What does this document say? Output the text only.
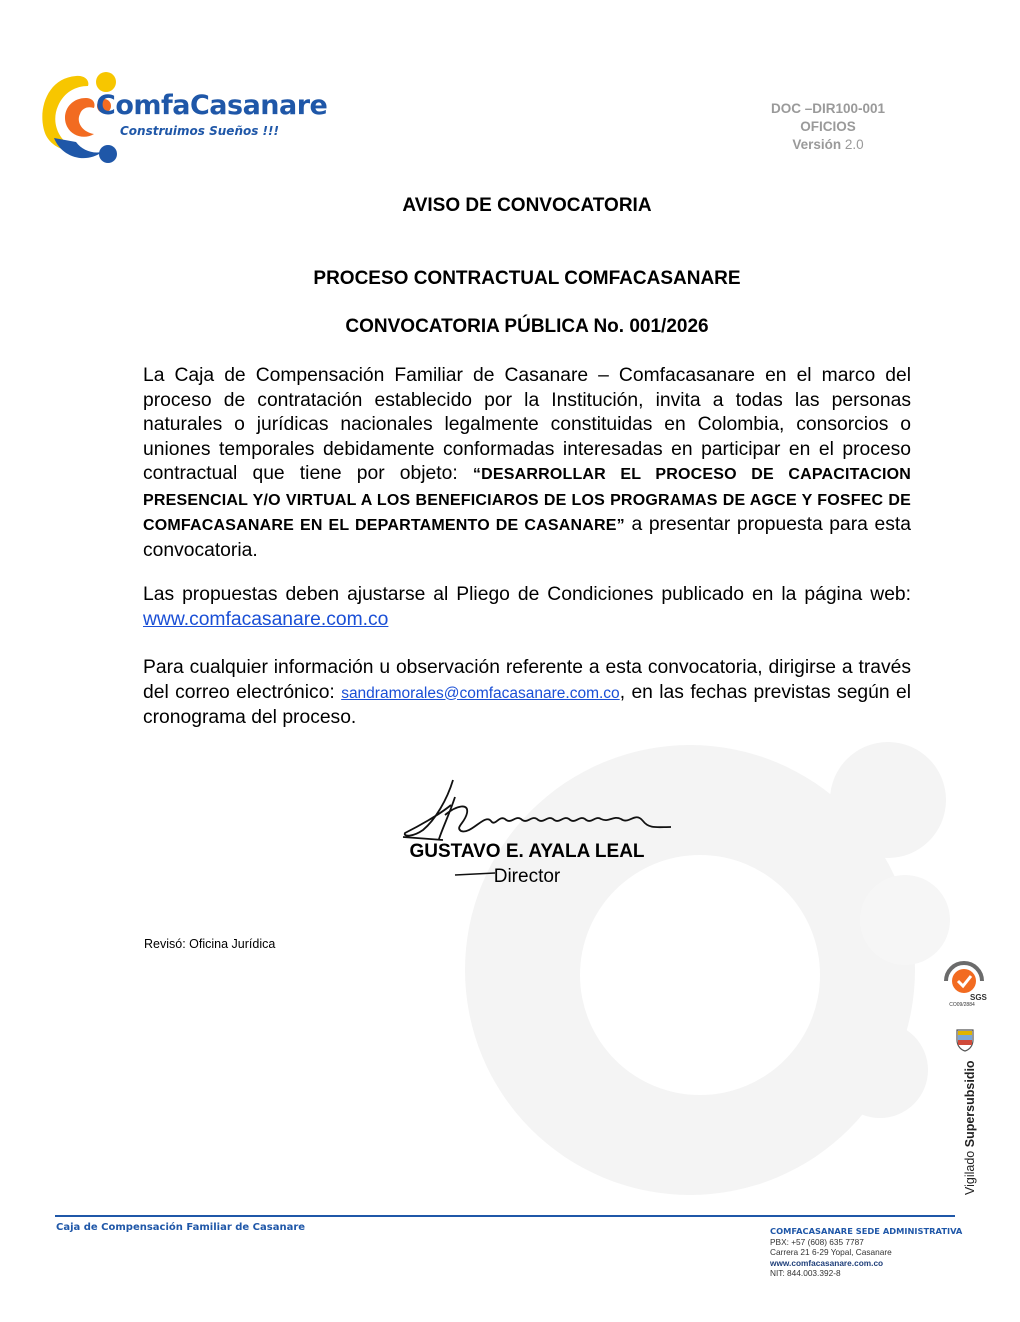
ComfaCasanare
Construimos Sueños !!!
DOC –DIR100-001
OFICIOS
Versión 2.0
AVISO DE CONVOCATORIA
PROCESO CONTRACTUAL COMFACASANARE
CONVOCATORIA PÚBLICA No. 001/2026
La Caja de Compensación Familiar de Casanare – Comfacasanare en el marco del proceso de contratación establecido por la Institución, invita a todas las personas naturales o jurídicas nacionales legalmente constituidas en Colombia, consorcios o uniones temporales debidamente conformadas interesadas en participar en el proceso contractual que tiene por objeto: “DESARROLLAR EL PROCESO DE CAPACITACION PRESENCIAL Y/O VIRTUAL A LOS BENEFICIAROS DE LOS PROGRAMAS DE AGCE Y FOSFEC DE COMFACASANARE EN EL DEPARTAMENTO DE CASANARE” a presentar propuesta para esta convocatoria.
Las propuestas deben ajustarse al Pliego de Condiciones publicado en la página web: www.comfacasanare.com.co
Para cualquier información u observación referente a esta convocatoria, dirigirse a través del correo electrónico: sandramorales@comfacasanare.com.co, en las fechas previstas según el cronograma del proceso.
GUSTAVO E. AYALA LEAL
Director
Revisó: Oficina Jurídica
SGS
CO09/2884
Vigilado Supersubsidio
Caja de Compensación Familiar de Casanare	COMFACASANARE SEDE ADMINISTRATIVA
PBX: +57 (608) 635 7787
Carrera 21 6-29 Yopal, Casanare
www.comfacasanare.com.co
NIT: 844.003.392-8
